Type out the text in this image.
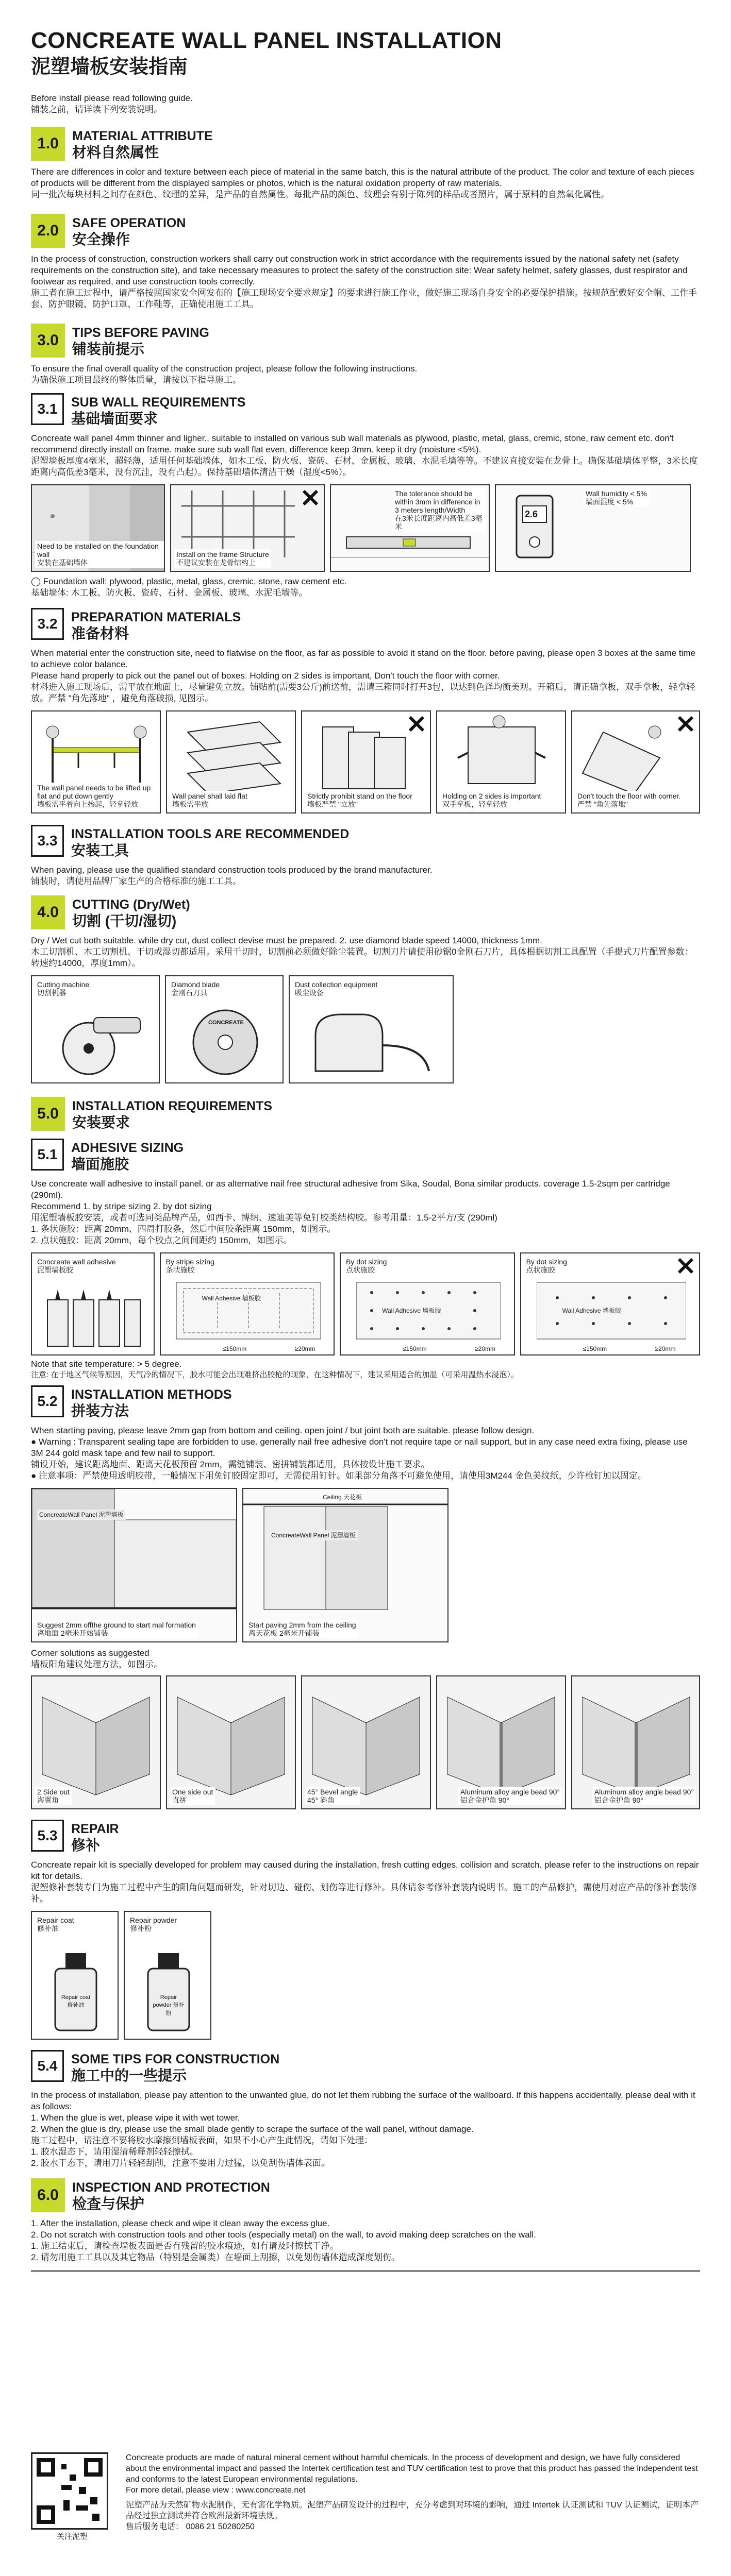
CONCREATE WALL PANEL INSTALLATION
泥塑墙板安装指南
Before install please read following guide.
铺装之前，请详读下列安装说明。
1.0	MATERIAL ATTRIBUTE
材料自然属性
There are differences in color and texture between each piece of material in the same batch, this is the natural attribute of the product. The color and texture of each pieces of products will be different from the displayed samples or photos, which is the natural oxidation property of raw materials.
同一批次每块材料之间存在颜色、纹理的差异，是产品的自然属性。每批产品的颜色、纹理会有别于陈列的样品或者照片，属于原料的自然氧化属性。
2.0	SAFE OPERATION
安全操作
In the process of construction, construction workers shall carry out construction work in strict accordance with the requirements issued by the national safety net (safety requirements on the construction site), and take necessary measures to protect the safety of the construction site: Wear safety helmet, safety glasses, dust respirator and footwear as required, and use construction tools correctly.
施工者在施工过程中，请严格按照国家安全网发布的【施工现场安全要求规定】的要求进行施工作业，做好施工现场自身安全的必要保护措施。按规范配戴好安全帽、工作手套、防护眼镜、防护口罩、工作鞋等，正确使用施工工具。
3.0	TIPS BEFORE PAVING
铺装前提示
To ensure the final overall quality of the construction project, please follow the following instructions.
为确保施工项目最终的整体质量，请按以下指导施工。
3.1	SUB WALL REQUIREMENTS
基础墙面要求
Concreate wall panel 4mm thinner and ligher., suitable to installed on various sub wall materials as plywood, plastic, metal, glass, cremic, stone, raw cement etc. don't recommend directly install on frame. make sure sub wall flat even, difference keep 3mm. keep it dry (moisture <5%).
泥塑墙板厚度4毫米，超轻薄，适用任何基础墙体，如木工板、防火板、瓷砖、石材、金属板、玻璃、水泥毛墙等等。不建议直接安装在龙骨上。确保基础墙体平整，3米长度距离内高低差3毫米，没有沉洼，没有凸起）。保持基础墙体清洁干燥（湿度<5%）。
Need to be installed on the foundation wall
安装在基础墙体
Install on the frame Structure
不建议安装在龙骨结构上
The tolerance should be within 3mm in difference in 3 meters length/Width
在3米长度距离内高低差3毫米
2.6
Wall humidity < 5%
墙面湿度 < 5%
◯ Foundation wall: plywood, plastic, metal, glass, cremic, stone, raw cement etc.
基础墙体: 木工板、防火板、瓷砖、石材、金属板、玻璃、水泥毛墙等。
3.2	PREPARATION MATERIALS
准备材料
When material enter the construction site, need to flatwise on the floor, as far as possible to avoid it stand on the floor. before paving, please open 3 boxes at the same time to achieve color balance.
Please hand properly to pick out the panel out of boxes. Holding on 2 sides is important, Don't touch the floor with corner.
材料进入施工现场后，需平放在地面上，尽量避免立放。铺贴前(需要3公斤)前送前，需请三箱同时打开3包，以达到色泽均衡美观。开箱后，请正确拿板，双手拿板，轻拿轻放。严禁 "角先落地" ，避免角落破损, 见图示。
The wall panel needs to be lifted up flat and put down gently
墙板需平着向上抬起，轻拿轻放
Wall panel shall laid flat
墙板需平放
Strictly prohibit stand on the floor
墙板严禁 "立放"
Holding on 2 sides is important
双手拿板，轻拿轻放
Don't touch the floor with corner.
严禁 "角先落地"
3.3	INSTALLATION TOOLS ARE RECOMMENDED
安装工具
When paving, please use the qualified standard construction tools produced by the brand manufacturer.
铺装时，请使用品牌厂家生产的合格标准的施工工具。
4.0	CUTTING (Dry/Wet)
切割 (干切/湿切)
Dry / Wet cut both suitable. while dry cut, dust collect devise must be prepared. 2. use diamond blade speed 14000, thickness 1mm.
木工切割机、木工切割机、干切或湿切都适用。采用干切时，切割前必须做好除尘装置。切割刀片请使用砂锯0金刚石刀片，具体根据切割工具配置（手提式刀片配置参数：转速约14000，厚度1mm）。
Cutting machine
切割机器
Diamond blade
金刚石刀具
CONCREATE
Dust collection equipment
吸尘设备
5.0	INSTALLATION REQUIREMENTS
安装要求
5.1	ADHESIVE SIZING
墙面施胶
Use concreate wall adhesive to install panel. or as alternative nail free structural adhesive from Sika, Soudal, Bona similar products. coverage 1.5-2sqm per cartridge (290ml).
Recommend 1. by stripe sizing 2. by dot sizing
用泥塑墙板胶安装，或者可选同类品牌产品，如西卡、博纳、速迪美等免钉胶类结构胶。参考用量：1.5-2平方/支 (290ml)
1. 条状施胶：距离 20mm、四周打胶条，然后中间胶条距离 150mm，如图示。
2. 点状施胶：距离 20mm，每个胶点之间间距约 150mm，如图示。
Concreate wall adhesive
泥塑墙板胶
By stripe sizing
条状施胶
Wall Adhesive 墙板胶
≤150mm	≥20mm
By dot sizing
点状施胶
Wall Adhesive 墙板胶
≤150mm	≥20mm
By dot sizing
点状施胶
Wall Adhesive 墙板胶
≤150mm	≥20mm
Note that site temperature: > 5 degree.
注意: 在于地区气候等原因，天气冷的情况下，胶水可能会出现难挤出胶枪的现象，在这种情况下，建议采用适合的加温（可采用温热水浸泡）。
5.2	INSTALLATION METHODS
拼装方法
When starting paving, please leave 2mm gap from bottom and ceiling. open joint / but joint both are suitable. please follow design.
● Warning : Transparent sealing tape are forbidden to use. generally nail free adhesive don't not require tape or nail support, but in any case need extra fixing, please use 3M 244 gold mask tape and few nail to support.
铺设开始，建议距离地面、距离天花板预留 2mm，需缝铺装、密拼铺装都适用，具体按设计施工要求。
● 注意事项：严禁使用透明胶带，一般情况下用免钉胶固定即可，无需使用钉针。如果部分角落不可避免使用，请使用3M244 金色美纹纸，少许枪钉加以固定。
ConcreateWall Panel 泥塑墙板
Suggest 2mm offthe ground to start mal formation
离地面 2毫米开始铺装
Ceiling 天花板
ConcreateWall Panel 泥塑墙板
Start paving 2mm from the ceiling
离天花板 2毫米开铺装
Corner solutions as suggested
墙板阳角建议处理方法，如图示。
2 Side out
海翼角
One side out
直拼
45° Bevel angle
45° 斜角
Aluminum alloy angle bead 90°
铝合金护角 90°
Aluminum alloy angle bead 90°
铝合金护角 90°
5.3	REPAIR
修补
Concreate repair kit is specially developed for problem may caused during the installation, fresh cutting edges, collision and scratch. please refer to the instructions on repair kit for details.
泥塑修补套装专门为施工过程中产生的阳角问题而研发，针对切边、碰伤、划伤等进行修补。具体请参考修补套装内说明书。施工的产品修护，需使用对应产品的修补套装修补。
Repair coat
修补油
Repair coat 修补油
Repair powder
修补粉
Repair powder 修补粉
5.4	SOME TIPS FOR CONSTRUCTION
施工中的一些提示
In the process of installation, please pay attention to the unwanted glue, do not let them rubbing the surface of the wallboard. If this happens accidentally, please deal with it as follows:
1. When the glue is wet, please wipe it with wet tower.
2. When the glue is dry, please use the small blade gently to scrape the surface of the wall panel, without damage.
施工过程中，请注意不要将胶水摩擦到墙板表面，如果不小心产生此情况，请如下处理：
1. 胶水湿态下，请用湿清稀释剂轻轻擦拭。
2. 胶水干态下，请用刀片轻轻刮削，注意不要用力过猛，以免刮伤墙体表面。
6.0	INSPECTION AND PROTECTION
检查与保护
1. After the installation, please check and wipe it clean away the excess glue.
2. Do not scratch with construction tools and other tools (especially metal) on the wall, to avoid making deep scratches on the wall.
1. 施工结束后，请检查墙板表面是否有残留的胶水痕迹，如有请及时擦拭干净。
2. 请勿用施工工具以及其它物品（特别是金属类）在墙面上刮擦，以免划伤墙体造成深度划伤。
关注泥塑
Concreate products are made of natural mineral cement without harmful chemicals. In the process of development and design, we have fully considered about the environmental impact and passed the Intertek certification test and TUV certification test to prove that this product has passed the independent test and conforms to the latest European environmental regulations.
For more detail, please view : www.concreate.net
泥塑产品为天然矿物水泥制作，无有害化学物质。泥塑产品研发设计的过程中，充分考虑到对环境的影响，通过 Intertek 认证测试和 TUV 认证测试，证明本产品经过独立测试并符合欧洲最新环境法规。
售后服务电话： 0086 21 50280250
